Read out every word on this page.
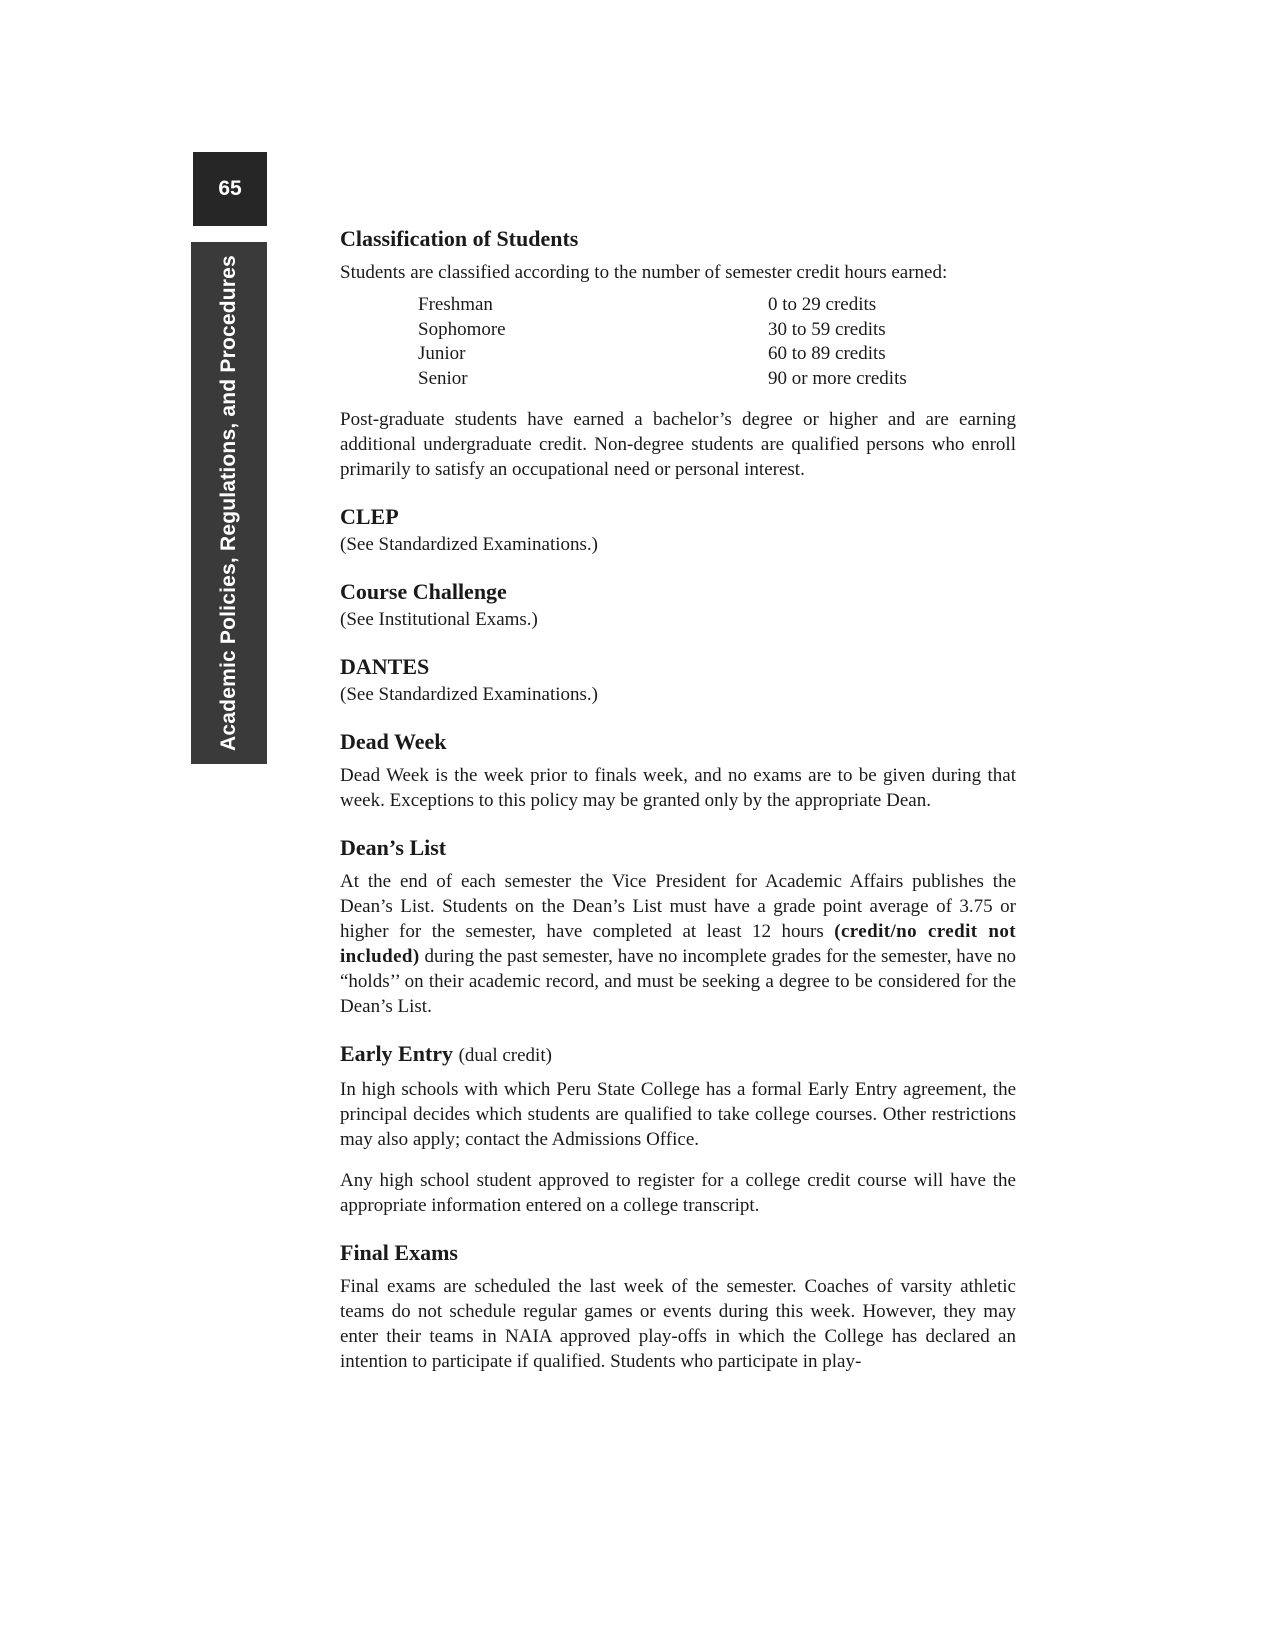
65
Academic Policies, Regulations, and Procedures
Classification of Students

Students are classified according to the number of semester credit hours earned:

Freshman	0 to 29 credits
Sophomore	30 to 59 credits
Junior	60 to 89 credits
Senior	90 or more credits

Post-graduate students have earned a bachelor’s degree or higher and are earning additional undergraduate credit. Non-degree students are qualified persons who enroll primarily to satisfy an occupational need or personal interest.

CLEP

(See Standardized Examinations.)

Course Challenge

(See Institutional Exams.)

DANTES

(See Standardized Examinations.)

Dead Week

Dead Week is the week prior to finals week, and no exams are to be given during that week. Exceptions to this policy may be granted only by the appropriate Dean.

Dean’s List

At the end of each semester the Vice President for Academic Affairs publishes the Dean’s List. Students on the Dean’s List must have a grade point average of 3.75 or higher for the semester, have completed at least 12 hours (credit/no credit not included) during the past semester, have no incomplete grades for the semester, have no “holds’’ on their academic record, and must be seeking a degree to be considered for the Dean’s List.

Early Entry (dual credit)

In high schools with which Peru State College has a formal Early Entry agreement, the principal decides which students are qualified to take college courses. Other restrictions may also apply; contact the Admissions Office.

Any high school student approved to register for a college credit course will have the appropriate information entered on a college transcript.

Final Exams

Final exams are scheduled the last week of the semester. Coaches of varsity athletic teams do not schedule regular games or events during this week. However, they may enter their teams in NAIA approved play-offs in which the College has declared an intention to participate if qualified. Students who participate in play-
